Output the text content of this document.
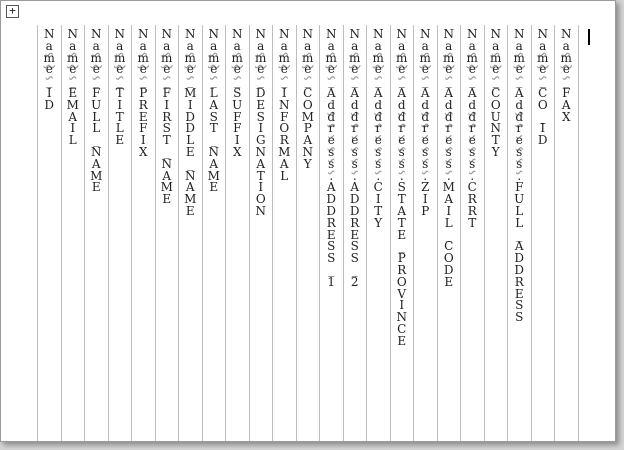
+
N
a
m
e
_
I
D
N
a
m
e
_
E
M
A
I
L
N
a
m
e
_
F
U
L
L
_
N
A
M
E
N
a
m
e
_
T
I
T
L
E
N
a
m
e
_
P
R
E
F
I
X
N
a
m
e
_
F
I
R
S
T
_
N
A
M
E
N
a
m
e
_
M
I
D
D
L
E
_
N
A
M
E
N
a
m
e
_
L
A
S
T
_
N
A
M
E
N
a
m
e
_
S
U
F
F
I
X
N
a
m
e
_
D
E
S
I
G
N
A
T
I
O
N
N
a
m
e
_
I
N
F
O
R
M
A
L
N
a
m
e
_
C
O
M
P
A
N
Y
N
a
m
e
_
A
d
d
r
e
s
s
.
A
D
D
R
E
S
S
_
1
N
a
m
e
_
A
d
d
r
e
s
s
.
A
D
D
R
E
S
S
_
2
N
a
m
e
_
A
d
d
r
e
s
s
.
C
I
T
Y
N
a
m
e
_
A
d
d
r
e
s
s
.
S
T
A
T
E
_
P
R
O
V
I
N
C
E
N
a
m
e
_
A
d
d
r
e
s
s
.
Z
I
P
N
a
m
e
_
A
d
d
r
e
s
s
.
M
A
I
L
_
C
O
D
E
N
a
m
e
_
A
d
d
r
e
s
s
.
C
R
R
T
N
a
m
e
_
C
O
U
N
T
Y
N
a
m
e
_
A
d
d
r
e
s
s
.
F
U
L
L
_
A
D
D
R
E
S
S
N
a
m
e
_
C
O
_
I
D
N
a
m
e
_
F
A
X
